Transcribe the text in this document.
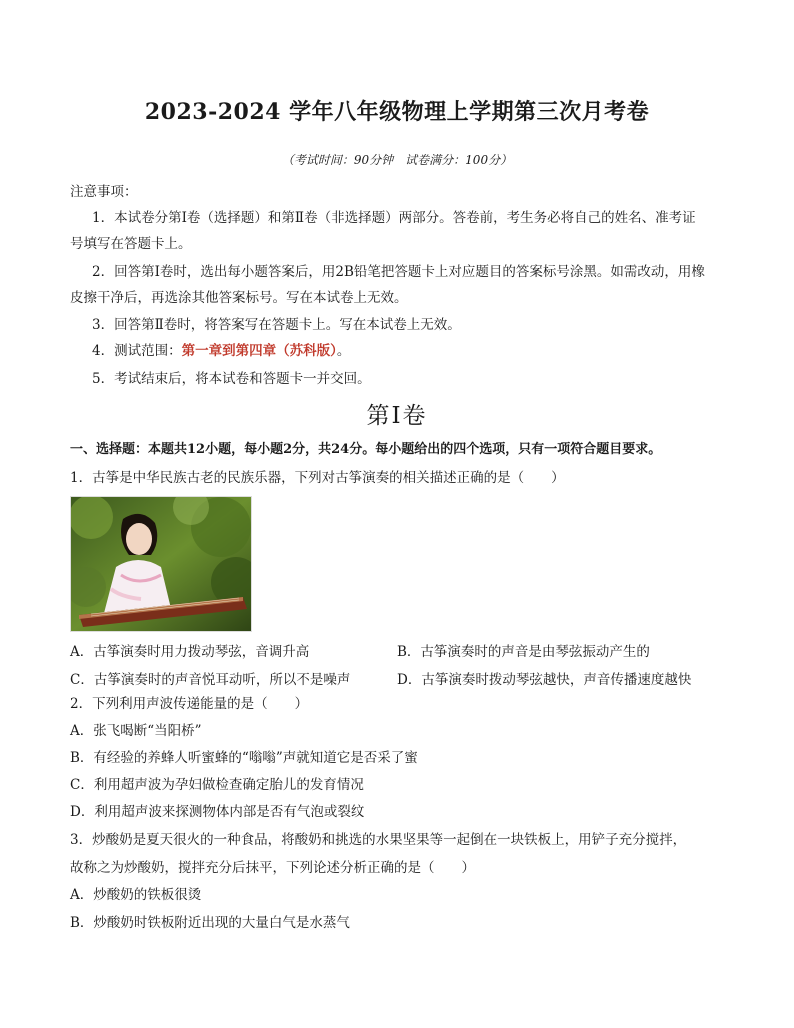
2023-2024 学年八年级物理上学期第三次月考卷
（考试时间：90分钟　试卷满分：100分）
注意事项：
1．本试卷分第Ⅰ卷（选择题）和第Ⅱ卷（非选择题）两部分。答卷前，考生务必将自己的姓名、准考证
号填写在答题卡上。
2．回答第Ⅰ卷时，选出每小题答案后，用2B铅笔把答题卡上对应题目的答案标号涂黑。如需改动，用橡
皮擦干净后，再选涂其他答案标号。写在本试卷上无效。
3．回答第Ⅱ卷时，将答案写在答题卡上。写在本试卷上无效。
4．测试范围：第一章到第四章（苏科版）。
5．考试结束后，将本试卷和答题卡一并交回。
第Ⅰ卷
一、选择题：本题共12小题，每小题2分，共24分。每小题给出的四个选项，只有一项符合题目要求。
1．古筝是中华民族古老的民族乐器，下列对古筝演奏的相关描述正确的是（　　）
A．古筝演奏时用力拨动琴弦，音调升高	B．古筝演奏时的声音是由琴弦振动产生的
C．古筝演奏时的声音悦耳动听，所以不是噪声	D．古筝演奏时拨动琴弦越快，声音传播速度越快
2．下列利用声波传递能量的是（　　）
A．张飞喝断“当阳桥”
B．有经验的养蜂人听蜜蜂的“嗡嗡”声就知道它是否采了蜜
C．利用超声波为孕妇做检查确定胎儿的发育情况
D．利用超声波来探测物体内部是否有气泡或裂纹
3．炒酸奶是夏天很火的一种食品，将酸奶和挑选的水果坚果等一起倒在一块铁板上，用铲子充分搅拌，
故称之为炒酸奶，搅拌充分后抹平，下列论述分析正确的是（　　）
A．炒酸奶的铁板很烫
B．炒酸奶时铁板附近出现的大量白气是水蒸气
